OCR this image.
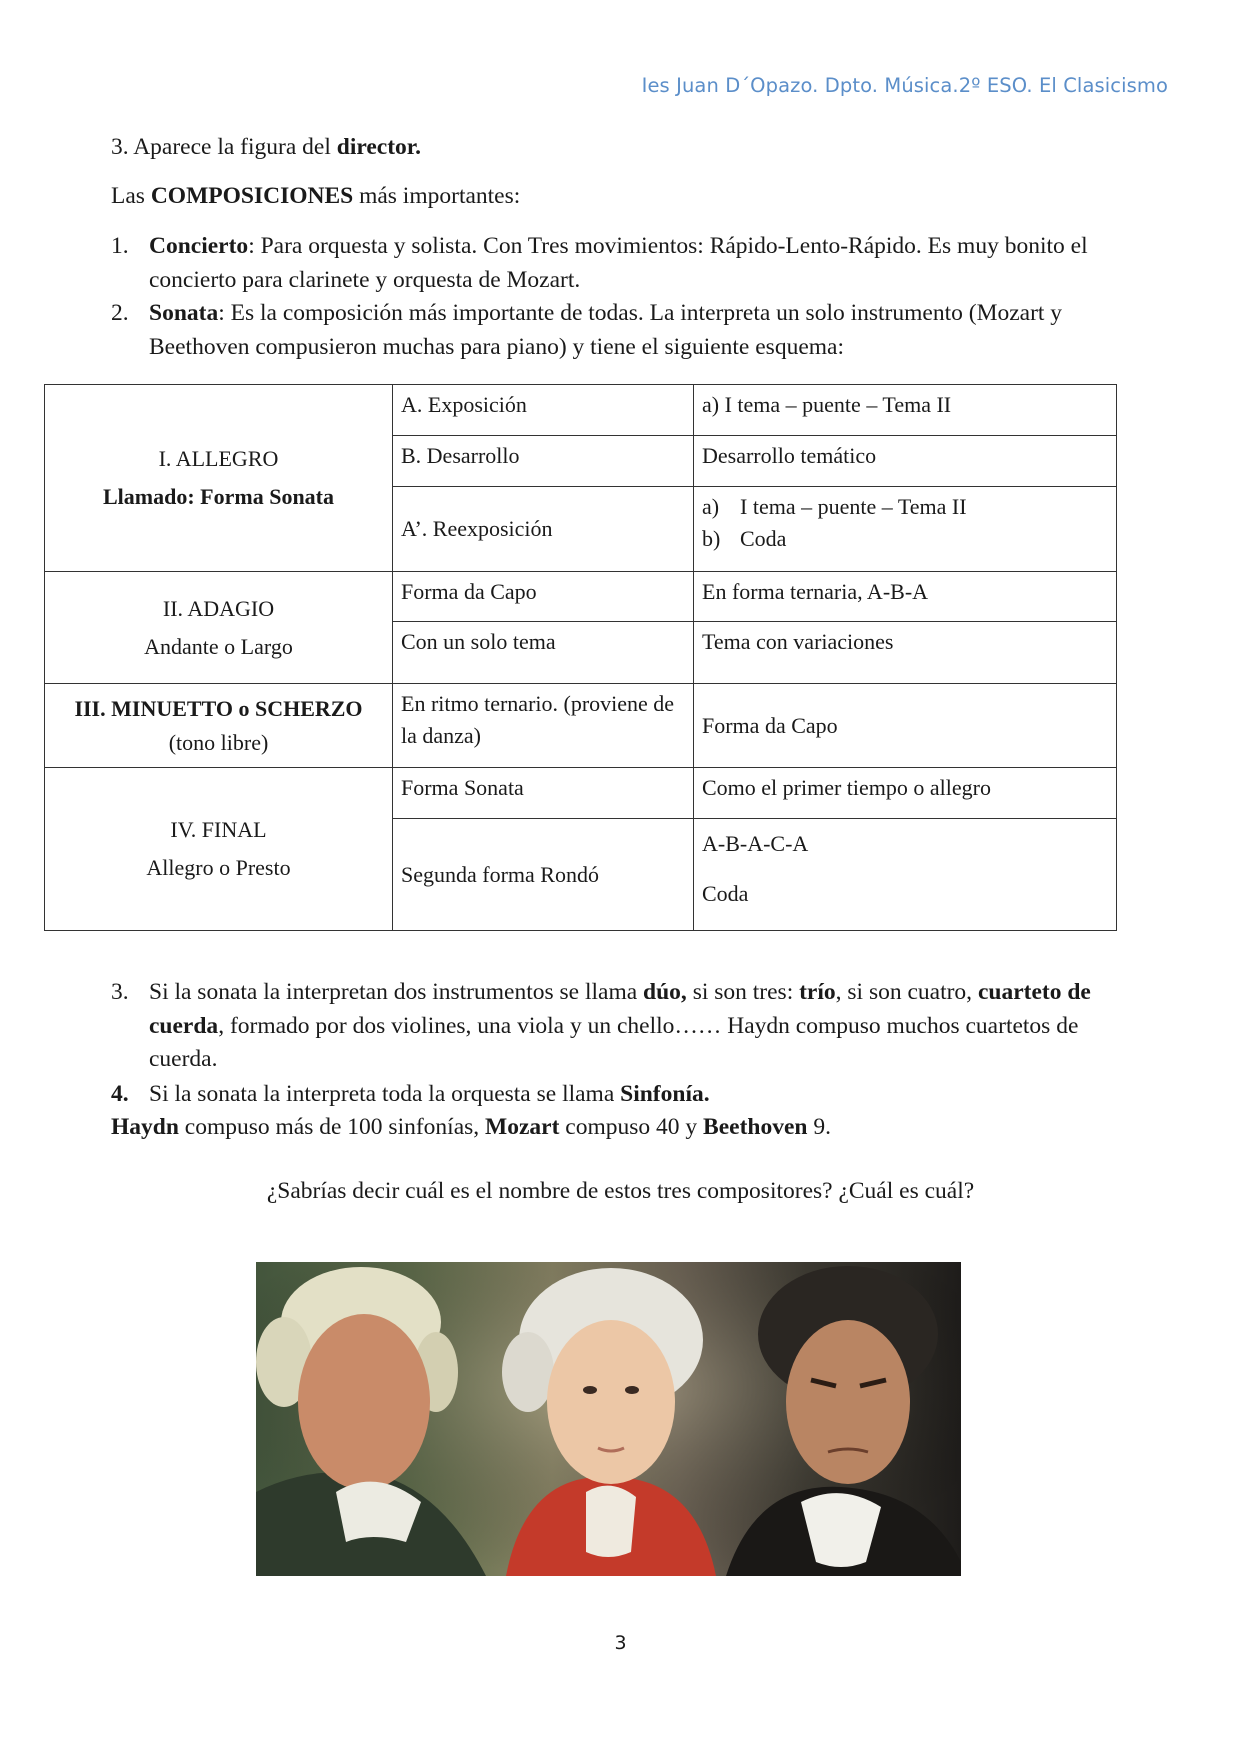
Ies Juan D´Opazo. Dpto. Música.2º ESO. El Clasicismo
3. Aparece la figura del director.
Las COMPOSICIONES más importantes:
1. Concierto: Para orquesta y solista. Con Tres movimientos: Rápido-Lento-Rápido. Es muy bonito el concierto para clarinete y orquesta de Mozart.
2. Sonata: Es la composición más importante de todas. La interpreta un solo instrumento (Mozart y Beethoven compusieron muchas para piano) y tiene el siguiente esquema:
I. ALLEGRO
Llamado: Forma Sonata	A. Exposición	a) I tema – puente – Tema II
	B. Desarrollo	Desarrollo temático
	A’. Reexposición	a) I tema – puente – Tema II
b) Coda

II. ADAGIO
Andante o Largo	Forma da Capo	En forma ternaria, A-B-A
	Con un solo tema	Tema con variaciones

III. MINUETTO o SCHERZO
(tono libre)	En ritmo ternario. (proviene de la danza)	Forma da Capo

IV. FINAL
Allegro o Presto	Forma Sonata	Como el primer tiempo o allegro
	Segunda forma Rondó	A-B-A-C-A
Coda
3. Si la sonata la interpretan dos instrumentos se llama dúo, si son tres: trío, si son cuatro, cuarteto de cuerda, formado por dos violines, una viola y un chello…… Haydn compuso muchos cuartetos de cuerda.
4. Si la sonata la interpreta toda la orquesta se llama Sinfonía.
Haydn compuso más de 100 sinfonías, Mozart compuso 40 y Beethoven 9.
¿Sabrías decir cuál es el nombre de estos tres compositores? ¿Cuál es cuál?
3
